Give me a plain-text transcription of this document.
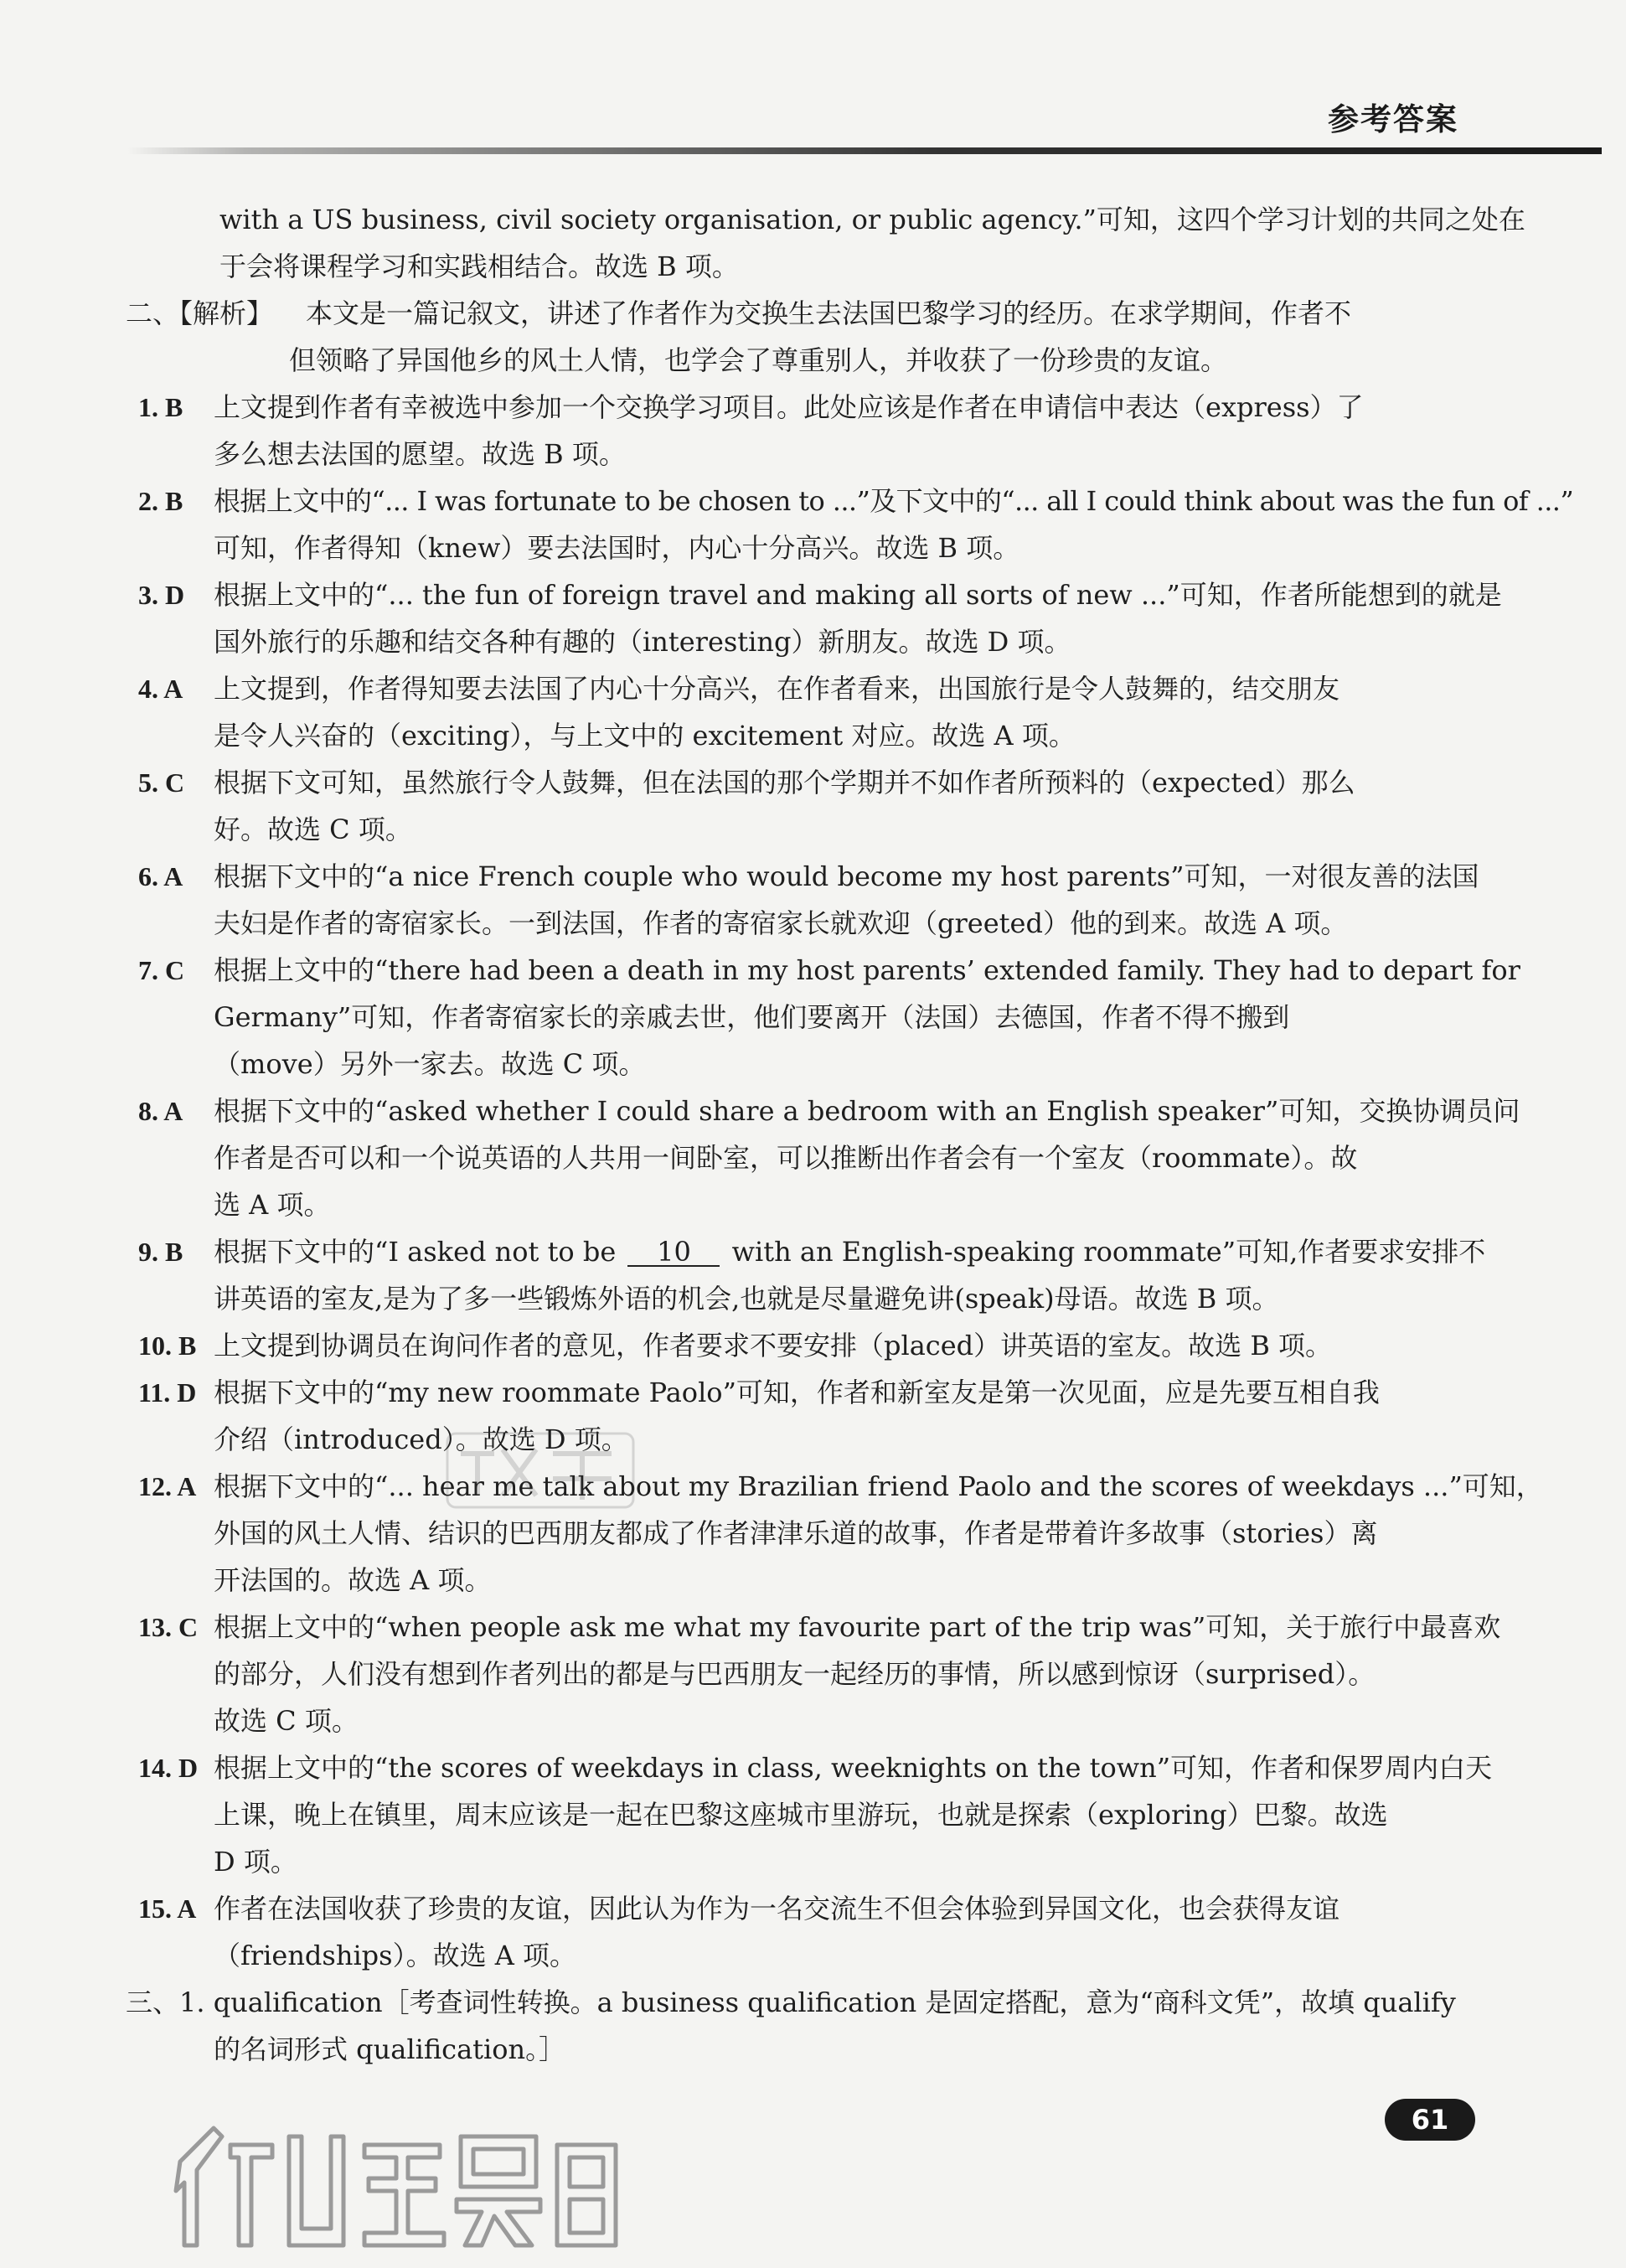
参考答案
with a US business, civil society organisation, or public agency.”可知，这四个学习计划的共同之处在
于会将课程学习和实践相结合。故选 B 项。
二、【解析】 本文是一篇记叙文，讲述了作者作为交换生去法国巴黎学习的经历。在求学期间，作者不
但领略了异国他乡的风土人情，也学会了尊重别人，并收获了一份珍贵的友谊。
1. B	上文提到作者有幸被选中参加一个交换学习项目。此处应该是作者在申请信中表达（express）了
多么想去法国的愿望。故选 B 项。
2. B	根据上文中的“... I was fortunate to be chosen to ...”及下文中的“... all I could think about was the fun of ...”
可知，作者得知（knew）要去法国时，内心十分高兴。故选 B 项。
3. D	根据上文中的“... the fun of foreign travel and making all sorts of new ...”可知，作者所能想到的就是
国外旅行的乐趣和结交各种有趣的（interesting）新朋友。故选 D 项。
4. A	上文提到，作者得知要去法国了内心十分高兴，在作者看来，出国旅行是令人鼓舞的，结交朋友
是令人兴奋的（exciting），与上文中的 excitement 对应。故选 A 项。
5. C	根据下文可知，虽然旅行令人鼓舞，但在法国的那个学期并不如作者所预料的（expected）那么
好。故选 C 项。
6. A	根据下文中的“a nice French couple who would become my host parents”可知，一对很友善的法国
夫妇是作者的寄宿家长。一到法国，作者的寄宿家长就欢迎（greeted）他的到来。故选 A 项。
7. C	根据上文中的“there had been a death in my host parents’ extended family. They had to depart for
Germany”可知，作者寄宿家长的亲戚去世，他们要离开（法国）去德国，作者不得不搬到
（move）另外一家去。故选 C 项。
8. A	根据下文中的“asked whether I could share a bedroom with an English speaker”可知，交换协调员问
作者是否可以和一个说英语的人共用一间卧室，可以推断出作者会有一个室友（roommate）。故
选 A 项。
9. B	根据下文中的“I asked not to be 10 with an English-speaking roommate”可知,作者要求安排不
讲英语的室友,是为了多一些锻炼外语的机会,也就是尽量避免讲(speak)母语。故选 B 项。
10. B 上文提到协调员在询问作者的意见，作者要求不要安排（placed）讲英语的室友。故选 B 项。
11. D 根据下文中的“my new roommate Paolo”可知，作者和新室友是第一次见面，应是先要互相自我
介绍（introduced）。故选 D 项。
12. A 根据下文中的“... hear me talk about my Brazilian friend Paolo and the scores of weekdays ...”可知，
外国的风土人情、结识的巴西朋友都成了作者津津乐道的故事，作者是带着许多故事（stories）离
开法国的。故选 A 项。
13. C 根据上文中的“when people ask me what my favourite part of the trip was”可知，关于旅行中最喜欢
的部分，人们没有想到作者列出的都是与巴西朋友一起经历的事情，所以感到惊讶（surprised）。
故选 C 项。
14. D 根据上文中的“the scores of weekdays in class, weeknights on the town”可知，作者和保罗周内白天
上课，晚上在镇里，周末应该是一起在巴黎这座城市里游玩，也就是探索（exploring）巴黎。故选
D 项。
15. A 作者在法国收获了珍贵的友谊，因此认为作为一名交流生不但会体验到异国文化，也会获得友谊
（friendships）。故选 A 项。
三、1. qualification［考查词性转换。a business qualification 是固定搭配，意为“商科文凭”，故填 qualify
的名词形式 qualification。］
61
